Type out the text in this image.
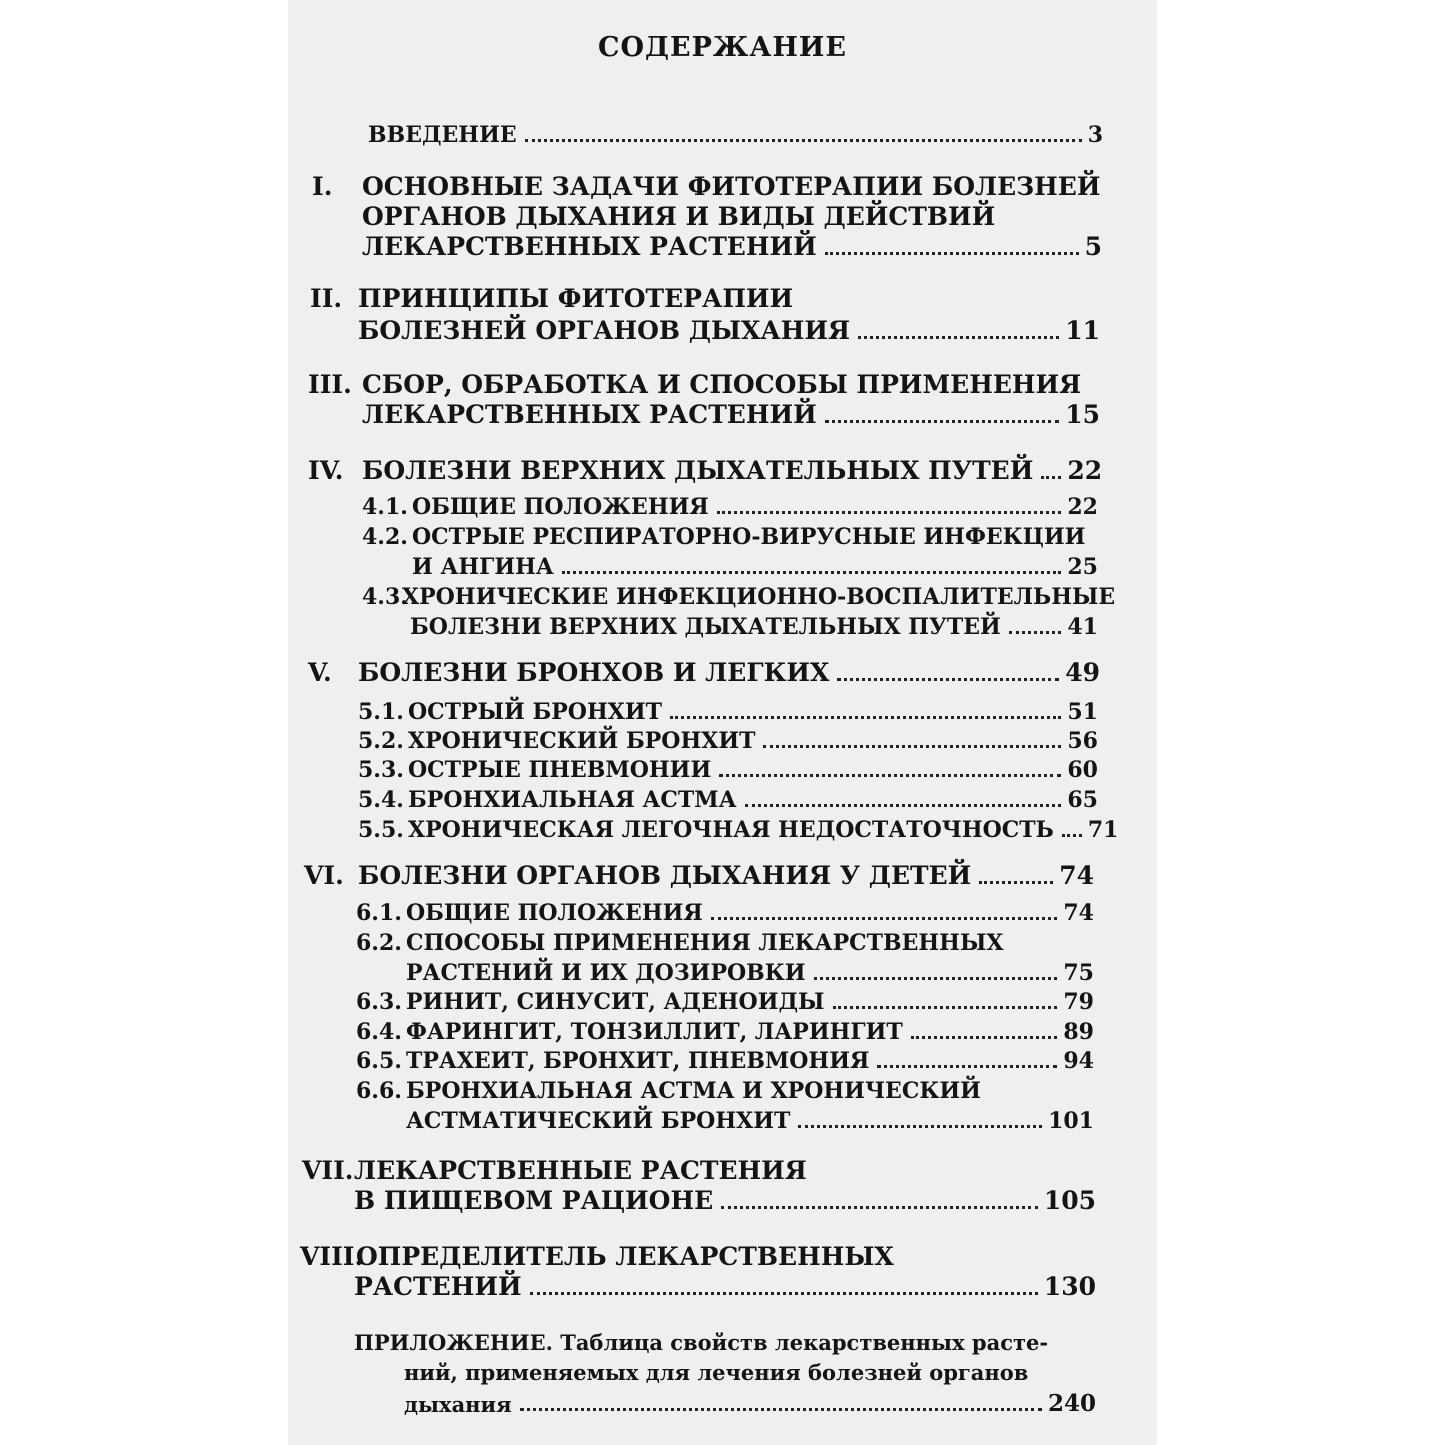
СОДЕРЖАНИЕ
ВВЕДЕНИЕ	3
I. ОСНОВНЫЕ ЗАДАЧИ ФИТОТЕРАПИИ БОЛЕЗНЕЙ
ОРГАНОВ ДЫХАНИЯ И ВИДЫ ДЕЙСТВИЙ
ЛЕКАРСТВЕННЫХ РАСТЕНИЙ	5
II. ПРИНЦИПЫ ФИТОТЕРАПИИ
БОЛЕЗНЕЙ ОРГАНОВ ДЫХАНИЯ	11
III. СБОР, ОБРАБОТКА И СПОСОБЫ ПРИМЕНЕНИЯ
ЛЕКАРСТВЕННЫХ РАСТЕНИЙ	15
IV. БОЛЕЗНИ ВЕРХНИХ ДЫХАТЕЛЬНЫХ ПУТЕЙ 22
4.1. ОБЩИЕ ПОЛОЖЕНИЯ	22
4.2. ОСТРЫЕ РЕСПИРАТОРНО-ВИРУСНЫЕ ИНФЕКЦИИ
И АНГИНА	25
4.3.
ХРОНИЧЕСКИЕ ИНФЕКЦИОННО-ВОСПАЛИТЕЛЬНЫЕ
БОЛЕЗНИ ВЕРХНИХ ДЫХАТЕЛЬНЫХ ПУТЕЙ	41
V. БОЛЕЗНИ БРОНХОВ И ЛЕГКИХ	49
5.1. ОСТРЫЙ БРОНХИТ	51
5.2. ХРОНИЧЕСКИЙ БРОНХИТ	56
5.3. ОСТРЫЕ ПНЕВМОНИИ	60
5.4. БРОНХИАЛЬНАЯ АСТМА	65
5.5. ХРОНИЧЕСКАЯ ЛЕГОЧНАЯ НЕДОСТАТОЧНОСТЬ 71
VI. БОЛЕЗНИ ОРГАНОВ ДЫХАНИЯ У ДЕТЕЙ	74
6.1. ОБЩИЕ ПОЛОЖЕНИЯ	74
6.2. СПОСОБЫ ПРИМЕНЕНИЯ ЛЕКАРСТВЕННЫХ
РАСТЕНИЙ И ИХ ДОЗИРОВКИ	75
6.3. РИНИТ, СИНУСИТ, АДЕНОИДЫ	79
6.4. ФАРИНГИТ, ТОНЗИЛЛИТ, ЛАРИНГИТ	89
6.5. ТРАХЕИТ, БРОНХИТ, ПНЕВМОНИЯ	94
6.6. БРОНХИАЛЬНАЯ АСТМА И ХРОНИЧЕСКИЙ
АСТМАТИЧЕСКИЙ БРОНХИТ	101
VII. ЛЕКАРСТВЕННЫЕ РАСТЕНИЯ
В ПИЩЕВОМ РАЦИОНЕ	105
VIII.
ОПРЕДЕЛИТЕЛЬ ЛЕКАРСТВЕННЫХ
РАСТЕНИЙ	130
ПРИЛОЖЕНИЕ. Таблица свойств лекарственных расте-
ний, применяемых для лечения болезней органов
дыхания	240
